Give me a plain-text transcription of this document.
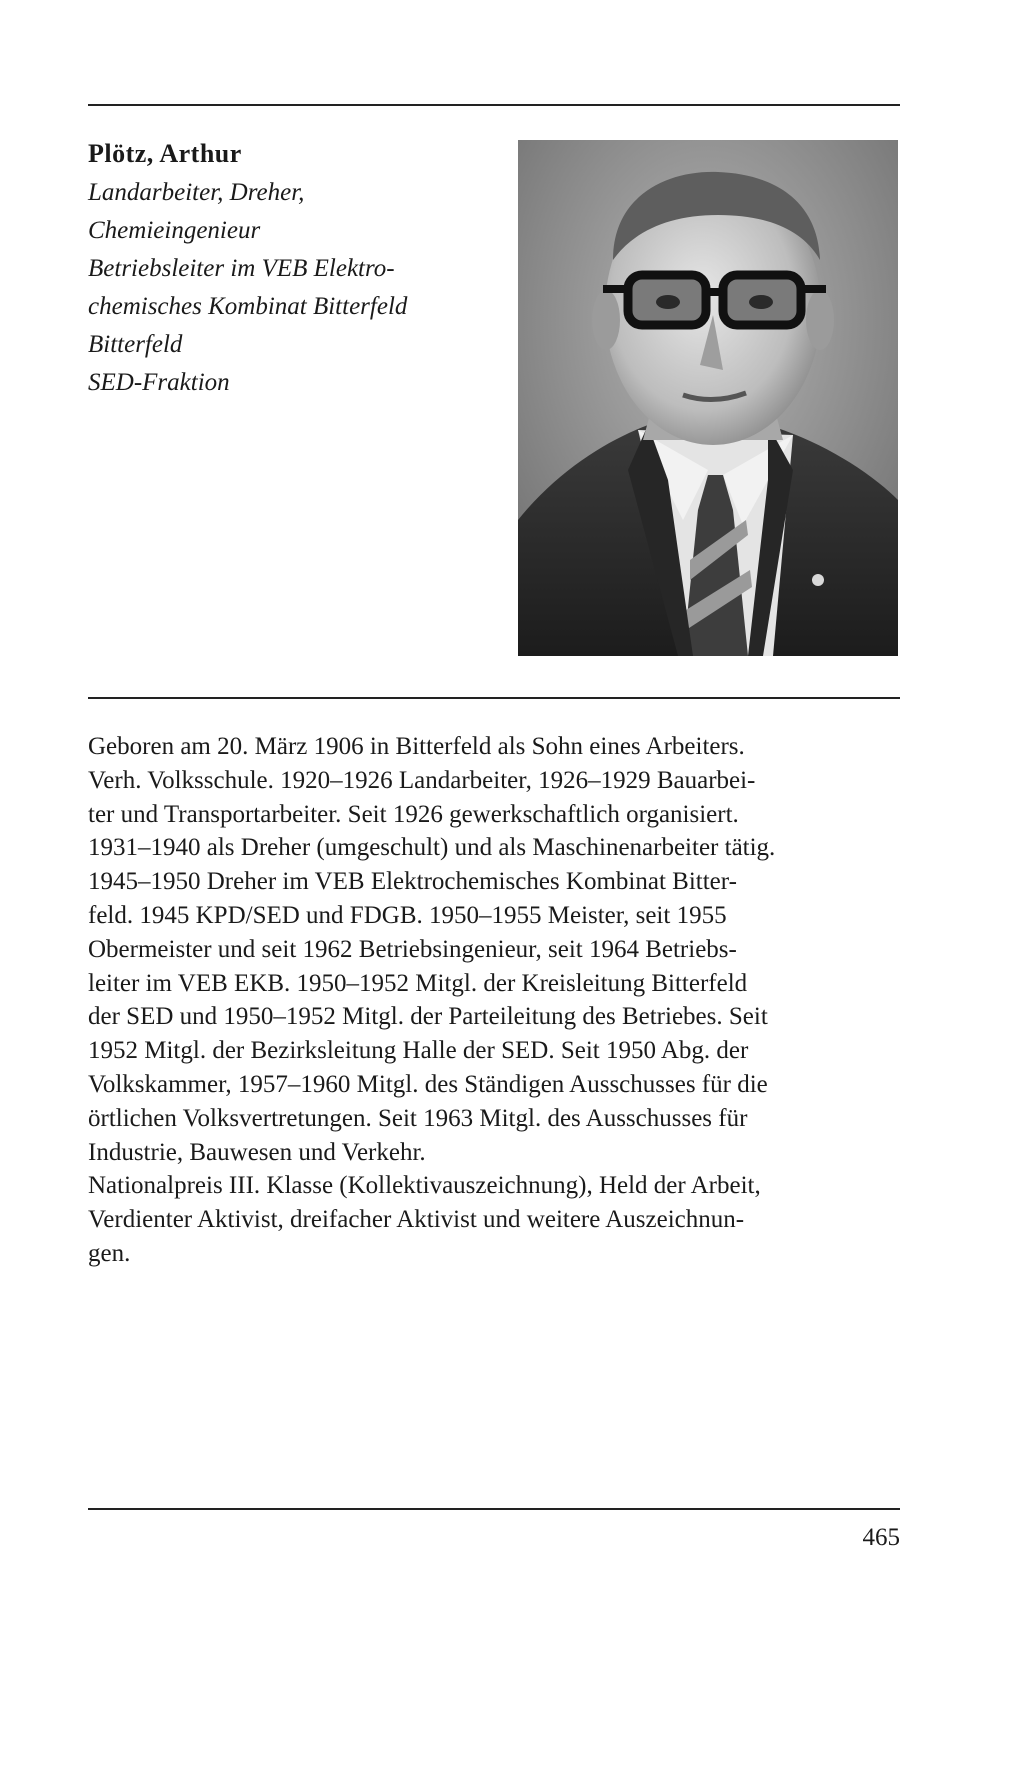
Plötz, Arthur

Landarbeiter, Dreher,

Chemieingenieur

Betriebsleiter im VEB Elektro-

chemisches Kombinat Bitterfeld

Bitterfeld

SED-Fraktion

Geboren am 20. März 1906 in Bitterfeld als Sohn eines Arbeiters.

Verh. Volksschule. 1920–1926 Landarbeiter, 1926–1929 Bauarbei-

ter und Transportarbeiter. Seit 1926 gewerkschaftlich organisiert.

1931–1940 als Dreher (umgeschult) und als Maschinenarbeiter tätig.

1945–1950 Dreher im VEB Elektrochemisches Kombinat Bitter-

feld. 1945 KPD/SED und FDGB. 1950–1955 Meister, seit 1955

Obermeister und seit 1962 Betriebsingenieur, seit 1964 Betriebs-

leiter im VEB EKB. 1950–1952 Mitgl. der Kreisleitung Bitterfeld

der SED und 1950–1952 Mitgl. der Parteileitung des Betriebes. Seit

1952 Mitgl. der Bezirksleitung Halle der SED. Seit 1950 Abg. der

Volkskammer, 1957–1960 Mitgl. des Ständigen Ausschusses für die

örtlichen Volksvertretungen. Seit 1963 Mitgl. des Ausschusses für

Industrie, Bauwesen und Verkehr.

Nationalpreis III. Klasse (Kollektivauszeichnung), Held der Arbeit,

Verdienter Aktivist, dreifacher Aktivist und weitere Auszeichnun-

gen.

465
